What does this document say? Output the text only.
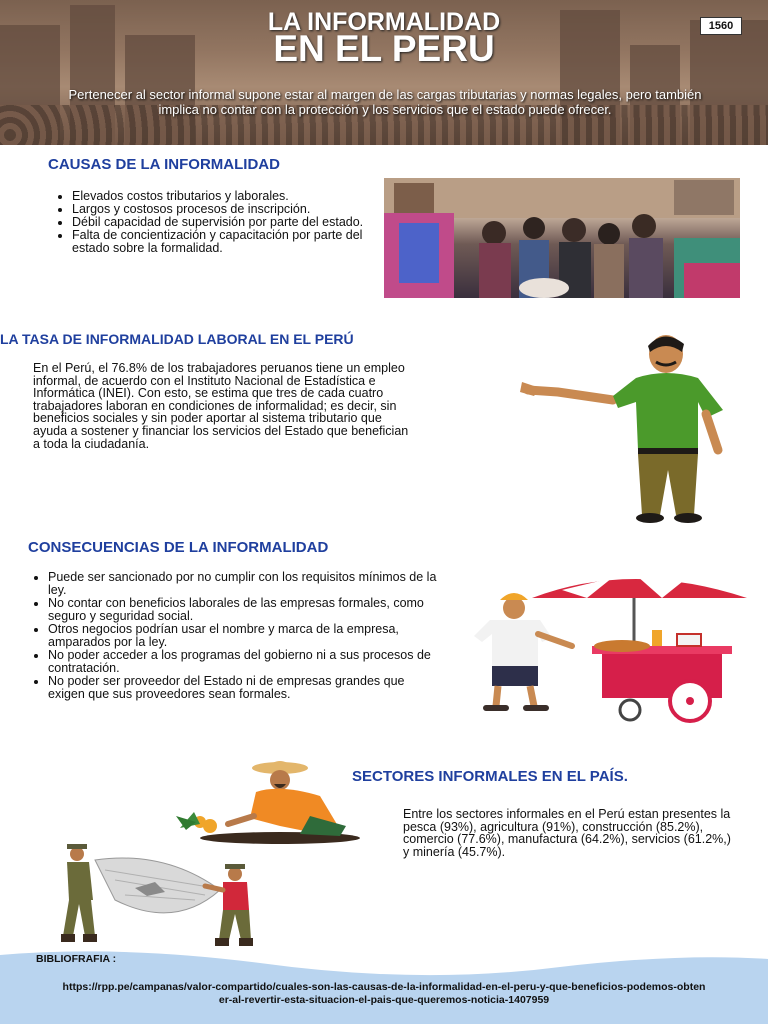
LA INFORMALIDAD
EN EL PERU
1560
Pertenecer al sector informal supone estar al margen de las cargas tributarias y normas legales, pero también implica no contar con la protección y los servicios que el estado puede ofrecer.
CAUSAS DE LA INFORMALIDAD
• Elevados costos tributarios y laborales.
• Largos y costosos procesos de inscripción.
• Débil capacidad de supervisión por parte del estado.
• Falta de concientización y capacitación por parte del estado sobre la formalidad.
LA TASA DE INFORMALIDAD LABORAL EN EL PERÚ
En el Perú, el 76.8% de los trabajadores peruanos tiene un empleo informal, de acuerdo con el Instituto Nacional de Estadística e Informática (INEI). Con esto, se estima que tres de cada cuatro trabajadores laboran en condiciones de informalidad; es decir, sin beneficios sociales y sin poder aportar al sistema tributario que ayuda a sostener y financiar los servicios del Estado que benefician a toda la ciudadanía.
CONSECUENCIAS DE LA INFORMALIDAD
• Puede ser sancionado por no cumplir con los requisitos mínimos de la ley.
• No contar con beneficios laborales de las empresas formales, como seguro y seguridad social.
• Otros negocios podrían usar el nombre y marca de la empresa, amparados por la ley.
• No poder acceder a los programas del gobierno ni a sus procesos de contratación.
• No poder ser proveedor del Estado ni de empresas grandes que exigen que sus proveedores sean formales.
SECTORES INFORMALES EN EL PAÍS.
Entre los sectores informales en el Perú estan presentes la pesca (93%), agricultura (91%), construcción (85.2%), comercio (77.6%), manufactura (64.2%), servicios (61.2%,) y minería (45.7%).
BIBLIOFRAFIA :
https://rpp.pe/campanas/valor-compartido/cuales-son-las-causas-de-la-informalidad-en-el-peru-y-que-beneficios-podemos-obtener-al-revertir-esta-situacion-el-pais-que-queremos-noticia-1407959
